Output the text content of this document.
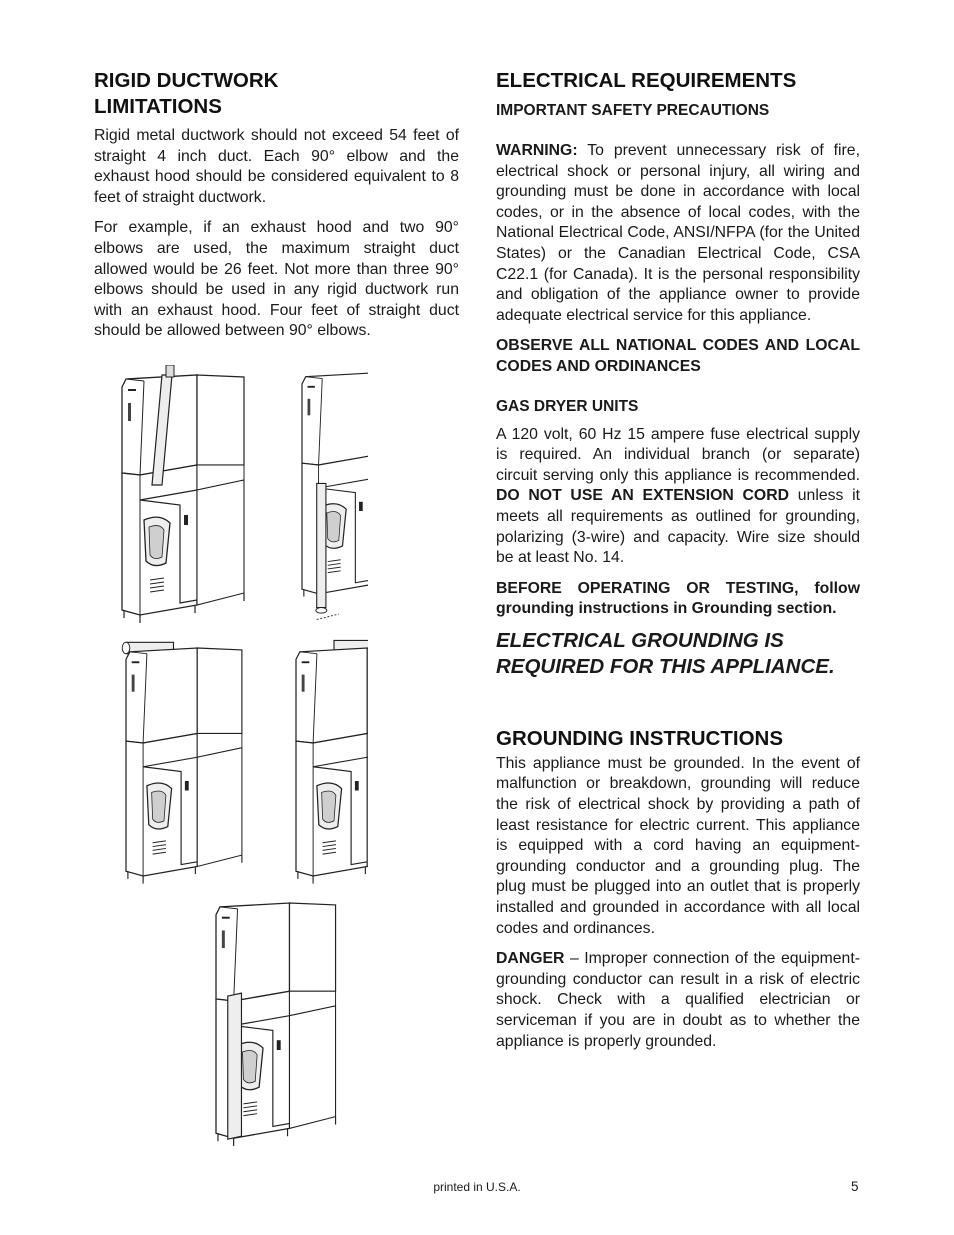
RIGID DUCTWORK
LIMITATIONS

Rigid metal ductwork should not exceed 54 feet of straight 4 inch duct. Each 90° elbow and the exhaust hood should be considered equivalent to 8 feet of straight ductwork.

For example, if an exhaust hood and two 90° elbows are used, the maximum straight duct allowed would be 26 feet. Not more than three 90° elbows should be used in any rigid ductwork run with an exhaust hood. Four feet of straight duct should be allowed between 90° elbows.

ELECTRICAL REQUIREMENTS
IMPORTANT SAFETY PRECAUTIONS

WARNING: To prevent unnecessary risk of fire, electrical shock or personal injury, all wiring and grounding must be done in accordance with local codes, or in the absence of local codes, with the National Electrical Code, ANSI/NFPA (for the United States) or the Canadian Electrical Code, CSA C22.1 (for Canada). It is the personal responsibility and obligation of the appliance owner to provide adequate electrical service for this appliance.

OBSERVE ALL NATIONAL CODES AND LOCAL CODES AND ORDINANCES

GAS DRYER UNITS

A 120 volt, 60 Hz 15 ampere fuse electrical supply is required. An individual branch (or separate) circuit serving only this appliance is recommended. DO NOT USE AN EXTENSION CORD unless it meets all requirements as outlined for grounding, polarizing (3-wire) and capacity. Wire size should be at least No. 14.

BEFORE OPERATING OR TESTING, follow grounding instructions in Grounding section.

ELECTRICAL GROUNDING IS
REQUIRED FOR THIS APPLIANCE.

GROUNDING INSTRUCTIONS

This appliance must be grounded. In the event of malfunction or breakdown, grounding will reduce the risk of electrical shock by providing a path of least resistance for electric current. This appliance is equipped with a cord having an equipment-grounding conductor and a grounding plug. The plug must be plugged into an outlet that is properly installed and grounded in accordance with all local codes and ordinances.

DANGER – Improper connection of the equipment-grounding conductor can result in a risk of electric shock. Check with a qualified electrician or serviceman if you are in doubt as to whether the appliance is properly grounded.

printed in U.S.A.	5
